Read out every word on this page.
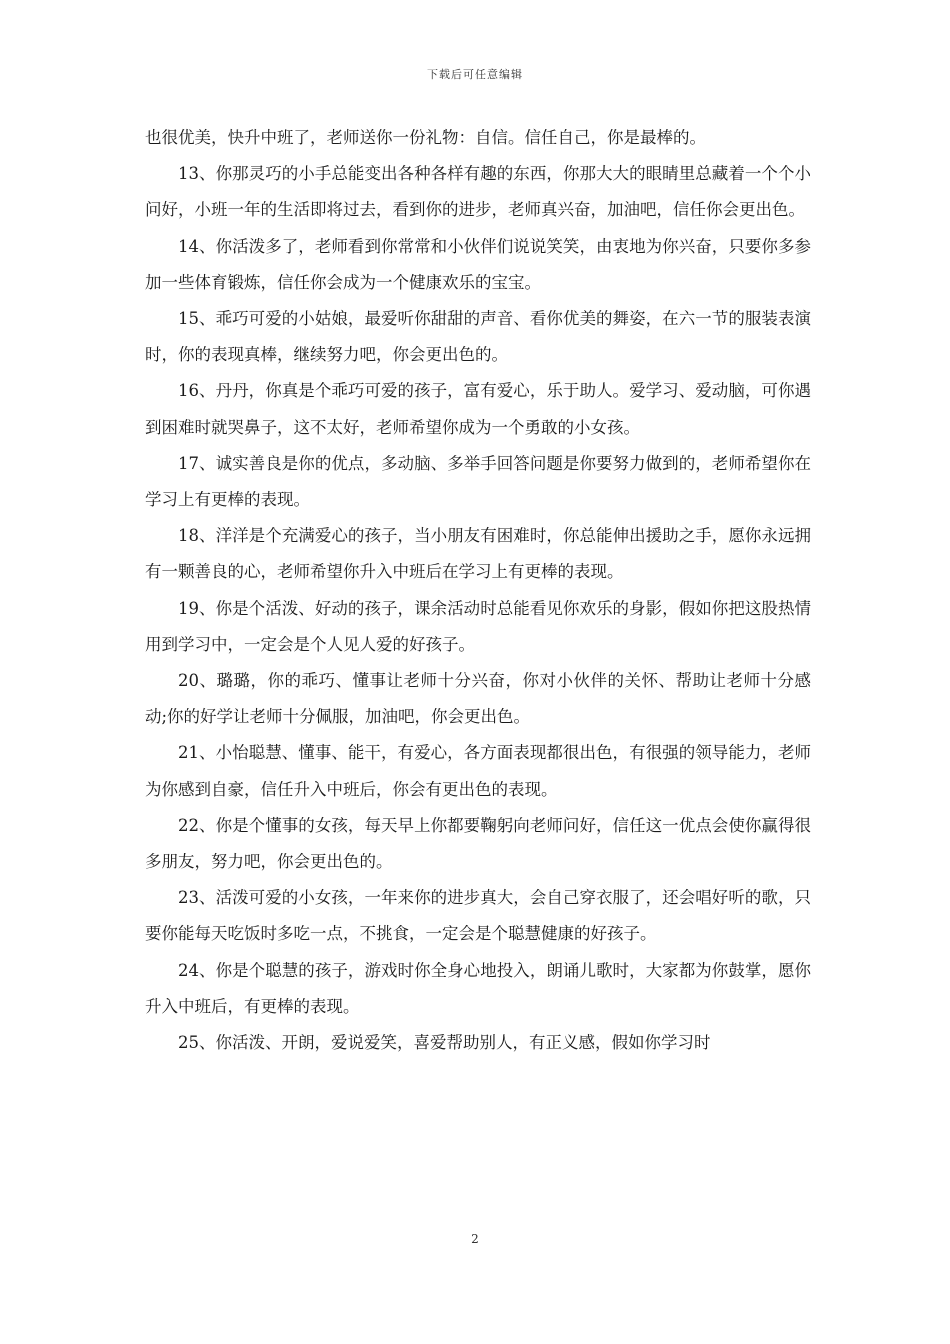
下载后可任意编辑

也很优美，快升中班了，老师送你一份礼物：自信。信任自己，你是最棒的。

13、你那灵巧的小手总能变出各种各样有趣的东西，你那大大的眼睛里总藏着一个个小问好，小班一年的生活即将过去，看到你的进步，老师真兴奋，加油吧，信任你会更出色。

14、你活泼多了，老师看到你常常和小伙伴们说说笑笑，由衷地为你兴奋，只要你多参加一些体育锻炼，信任你会成为一个健康欢乐的宝宝。

15、乖巧可爱的小姑娘，最爱听你甜甜的声音、看你优美的舞姿，在六一节的服装表演时，你的表现真棒，继续努力吧，你会更出色的。

16、丹丹，你真是个乖巧可爱的孩子，富有爱心，乐于助人。爱学习、爱动脑，可你遇到困难时就哭鼻子，这不太好，老师希望你成为一个勇敢的小女孩。

17、诚实善良是你的优点，多动脑、多举手回答问题是你要努力做到的，老师希望你在学习上有更棒的表现。

18、洋洋是个充满爱心的孩子，当小朋友有困难时，你总能伸出援助之手，愿你永远拥有一颗善良的心，老师希望你升入中班后在学习上有更棒的表现。

19、你是个活泼、好动的孩子，课余活动时总能看见你欢乐的身影，假如你把这股热情用到学习中，一定会是个人见人爱的好孩子。

20、璐璐，你的乖巧、懂事让老师十分兴奋，你对小伙伴的关怀、帮助让老师十分感动;你的好学让老师十分佩服，加油吧，你会更出色。

21、小怡聪慧、懂事、能干，有爱心，各方面表现都很出色，有很强的领导能力，老师为你感到自豪，信任升入中班后，你会有更出色的表现。

22、你是个懂事的女孩，每天早上你都要鞠躬向老师问好，信任这一优点会使你赢得很多朋友，努力吧，你会更出色的。

23、活泼可爱的小女孩，一年来你的进步真大，会自己穿衣服了，还会唱好听的歌，只要你能每天吃饭时多吃一点，不挑食，一定会是个聪慧健康的好孩子。

24、你是个聪慧的孩子，游戏时你全身心地投入，朗诵儿歌时，大家都为你鼓掌，愿你升入中班后，有更棒的表现。

25、你活泼、开朗，爱说爱笑，喜爱帮助别人，有正义感，假如你学习时

2
